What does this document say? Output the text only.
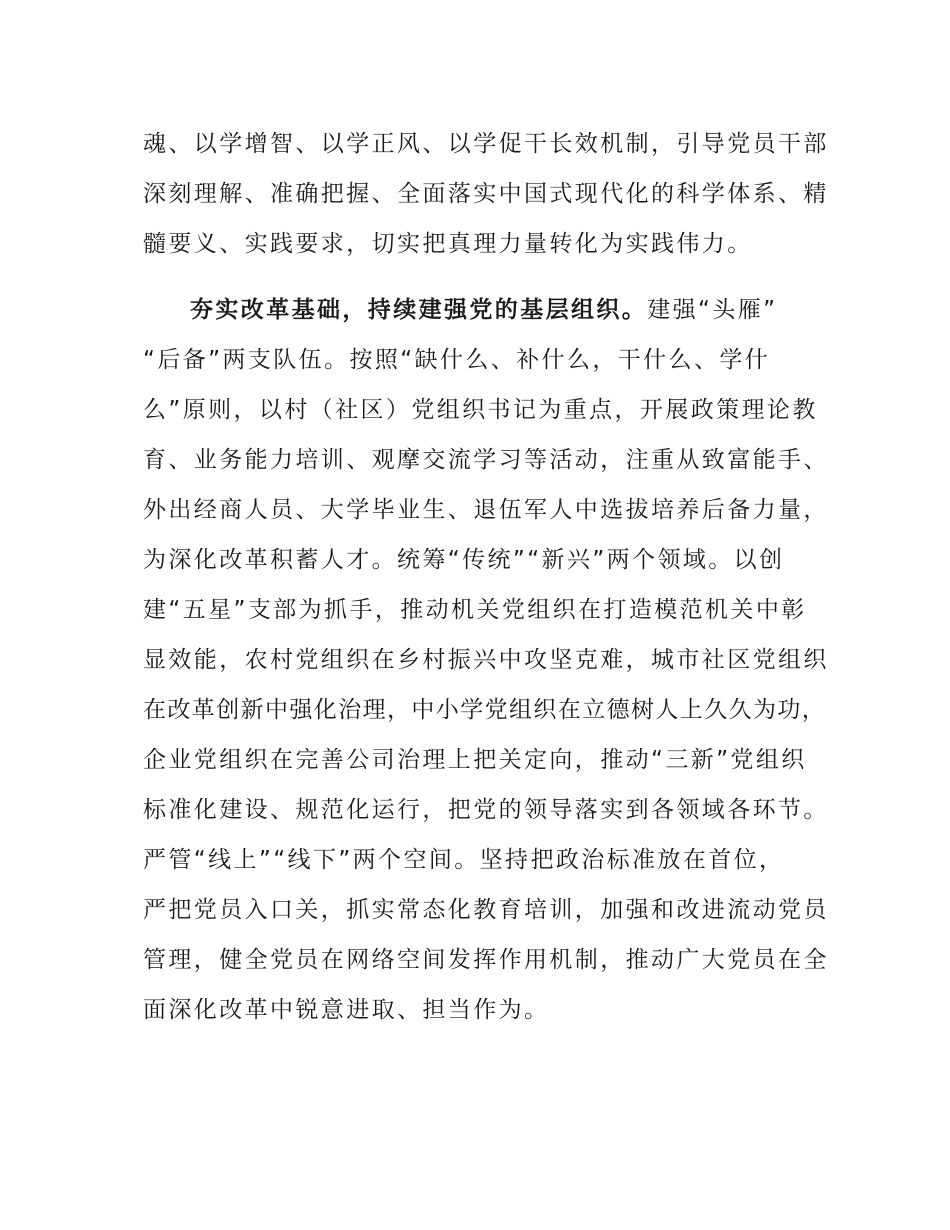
魂、以学增智、以学正风、以学促干长效机制，引导党员干部
深刻理解、准确把握、全面落实中国式现代化的科学体系、精
髓要义、实践要求，切实把真理力量转化为实践伟力。
夯实改革基础，持续建强党的基层组织。建强“头雁”
“后备”两支队伍。按照“缺什么、补什么，干什么、学什
么”原则，以村（社区）党组织书记为重点，开展政策理论教
育、业务能力培训、观摩交流学习等活动，注重从致富能手、
外出经商人员、大学毕业生、退伍军人中选拔培养后备力量，
为深化改革积蓄人才。统筹“传统”“新兴”两个领域。以创
建“五星”支部为抓手，推动机关党组织在打造模范机关中彰
显效能，农村党组织在乡村振兴中攻坚克难，城市社区党组织
在改革创新中强化治理，中小学党组织在立德树人上久久为功，
企业党组织在完善公司治理上把关定向，推动“三新”党组织
标准化建设、规范化运行，把党的领导落实到各领域各环节。
严管“线上”“线下”两个空间。坚持把政治标准放在首位，
严把党员入口关，抓实常态化教育培训，加强和改进流动党员
管理，健全党员在网络空间发挥作用机制，推动广大党员在全
面深化改革中锐意进取、担当作为。
